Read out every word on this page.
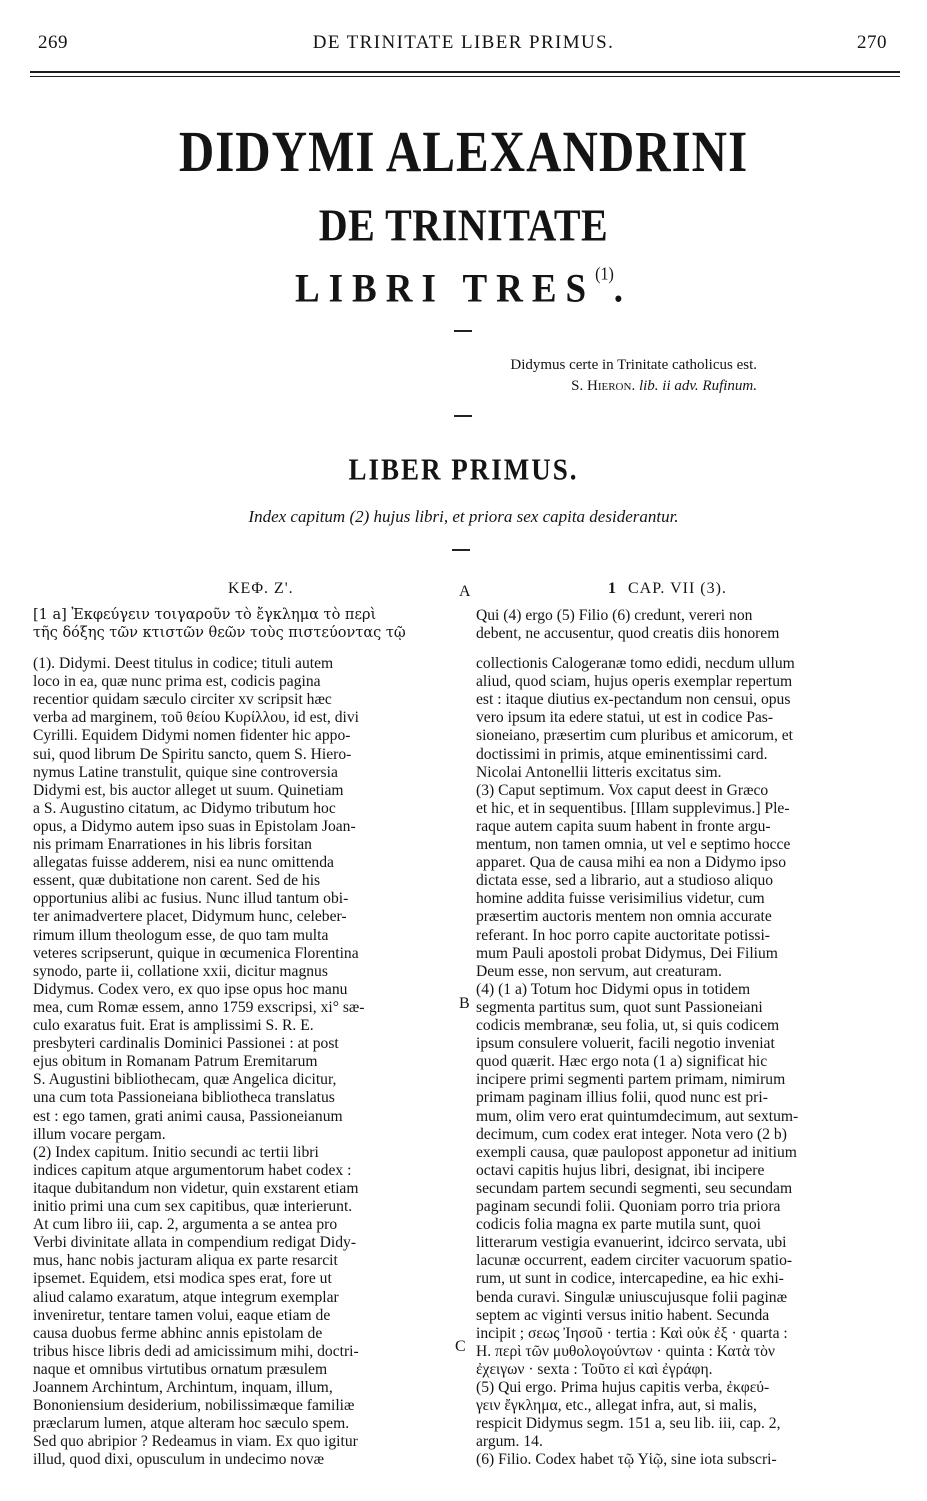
269	DE TRINITATE LIBER PRIMUS.	270
DIDYMI ALEXANDRINI
DE TRINITATE
LIBRI TRES$^{(1)}$.
Didymus certe in Trinitate catholicus est.
S. Hieron. lib. ii adv. Rufinum.
LIBER PRIMUS.
Index capitum (2) hujus libri, et priora sex capita desiderantur.
ΚΕΦ. Ζ'.	1 CAP. VII (3).
A
B
C
[1 a] Ἐκφεύγειν τοιγαροῦν τὸ ἔγκλημα τὸ περὶ
τῆς δόξης τῶν κτιστῶν θεῶν τοὺς πιστεύοντας τῷ
Qui (4) ergo (5) Filio (6) credunt, vereri non
debent, ne accusentur, quod creatis diis honorem
(1). Didymi. Deest titulus in codice; tituli autem
loco in ea, quæ nunc prima est, codicis pagina
recentior quidam sæculo circiter xv scripsit hæc
verba ad marginem, τοῦ θείου Κυρίλλου, id est, divi
Cyrilli. Equidem Didymi nomen fidenter hic appo-
sui, quod librum De Spiritu sancto, quem S. Hiero-
nymus Latine transtulit, quique sine controversia
Didymi est, bis auctor alleget ut suum. Quinetiam
a S. Augustino citatum, ac Didymo tributum hoc
opus, a Didymo autem ipso suas in Epistolam Joan-
nis primam Enarrationes in his libris forsitan
allegatas fuisse adderem, nisi ea nunc omittenda
essent, quæ dubitatione non carent. Sed de his
opportunius alibi ac fusius. Nunc illud tantum obi-
ter animadvertere placet, Didymum hunc, celeber-
rimum illum theologum esse, de quo tam multa
veteres scripserunt, quique in œcumenica Florentina
synodo, parte ii, collatione xxii, dicitur magnus
Didymus. Codex vero, ex quo ipse opus hoc manu
mea, cum Romæ essem, anno 1759 exscripsi, xi° sæ-
culo exaratus fuit. Erat is amplissimi S. R. E.
presbyteri cardinalis Dominici Passionei : at post
ejus obitum in Romanam Patrum Eremitarum
S. Augustini bibliothecam, quæ Angelica dicitur,
una cum tota Passioneiana bibliotheca translatus
est : ego tamen, grati animi causa, Passioneianum
illum vocare pergam.
(2) Index capitum. Initio secundi ac tertii libri
indices capitum atque argumentorum habet codex :
itaque dubitandum non videtur, quin exstarent etiam
initio primi una cum sex capitibus, quæ interierunt.
At cum libro iii, cap. 2, argumenta a se antea pro
Verbi divinitate allata in compendium redigat Didy-
mus, hanc nobis jacturam aliqua ex parte resarcit
ipsemet. Equidem, etsi modica spes erat, fore ut
aliud calamo exaratum, atque integrum exemplar
inveniretur, tentare tamen volui, eaque etiam de
causa duobus ferme abhinc annis epistolam de
tribus hisce libris dedi ad amicissimum mihi, doctri-
naque et omnibus virtutibus ornatum præsulem
Joannem Archintum, Archintum, inquam, illum,
Bononiensium desiderium, nobilissimæque familiæ
præclarum lumen, atque alteram hoc sæculo spem.
Sed quo abripior ? Redeamus in viam. Ex quo igitur
illud, quod dixi, opusculum in undecimo novæ
collectionis Calogeranæ tomo edidi, necdum ullum
aliud, quod sciam, hujus operis exemplar repertum
est : itaque diutius ex-pectandum non censui, opus
vero ipsum ita edere statui, ut est in codice Pas-
sioneiano, præsertim cum pluribus et amicorum, et
doctissimi in primis, atque eminentissimi card.
Nicolai Antonellii litteris excitatus sim.
(3) Caput septimum. Vox caput deest in Græco
et hic, et in sequentibus. [Illam supplevimus.] Ple-
raque autem capita suum habent in fronte argu-
mentum, non tamen omnia, ut vel e septimo hocce
apparet. Qua de causa mihi ea non a Didymo ipso
dictata esse, sed a librario, aut a studioso aliquo
homine addita fuisse verisimilius videtur, cum
præsertim auctoris mentem non omnia accurate
referant. In hoc porro capite auctoritate potissi-
mum Pauli apostoli probat Didymus, Dei Filium
Deum esse, non servum, aut creaturam.
(4) (1 a) Totum hoc Didymi opus in totidem
segmenta partitus sum, quot sunt Passioneiani
codicis membranæ, seu folia, ut, si quis codicem
ipsum consulere voluerit, facili negotio inveniat
quod quærit. Hæc ergo nota (1 a) significat hic
incipere primi segmenti partem primam, nimirum
primam paginam illius folii, quod nunc est pri-
mum, olim vero erat quintumdecimum, aut sextum-
decimum, cum codex erat integer. Nota vero (2 b)
exempli causa, quæ paulopost apponetur ad initium
octavi capitis hujus libri, designat, ibi incipere
secundam partem secundi segmenti, seu secundam
paginam secundi folii. Quoniam porro tria priora
codicis folia magna ex parte mutila sunt, quoi
litterarum vestigia evanuerint, idcirco servata, ubi
lacunæ occurrent, eadem circiter vacuorum spatio-
rum, ut sunt in codice, intercapedine, ea hic exhi-
benda curavi. Singulæ uniuscujusque folii paginæ
septem ac viginti versus initio habent. Secunda
incipit ; σεως Ἰησοῦ · tertia : Καὶ οὐκ ἐξ · quarta :
Η. περὶ τῶν μυθολογούντων · quinta : Κατὰ τὸν
ἐχειγων · sexta : Τοῦτο εἰ καὶ ἐγράφη.
(5) Qui ergo. Prima hujus capitis verba, ἐκφεύ-
γειν ἔγκλημα, etc., allegat infra, aut, si malis,
respicit Didymus segm. 151 a, seu lib. iii, cap. 2,
argum. 14.
(6) Filio. Codex habet τῷ Υἱῷ, sine iota subscri-
